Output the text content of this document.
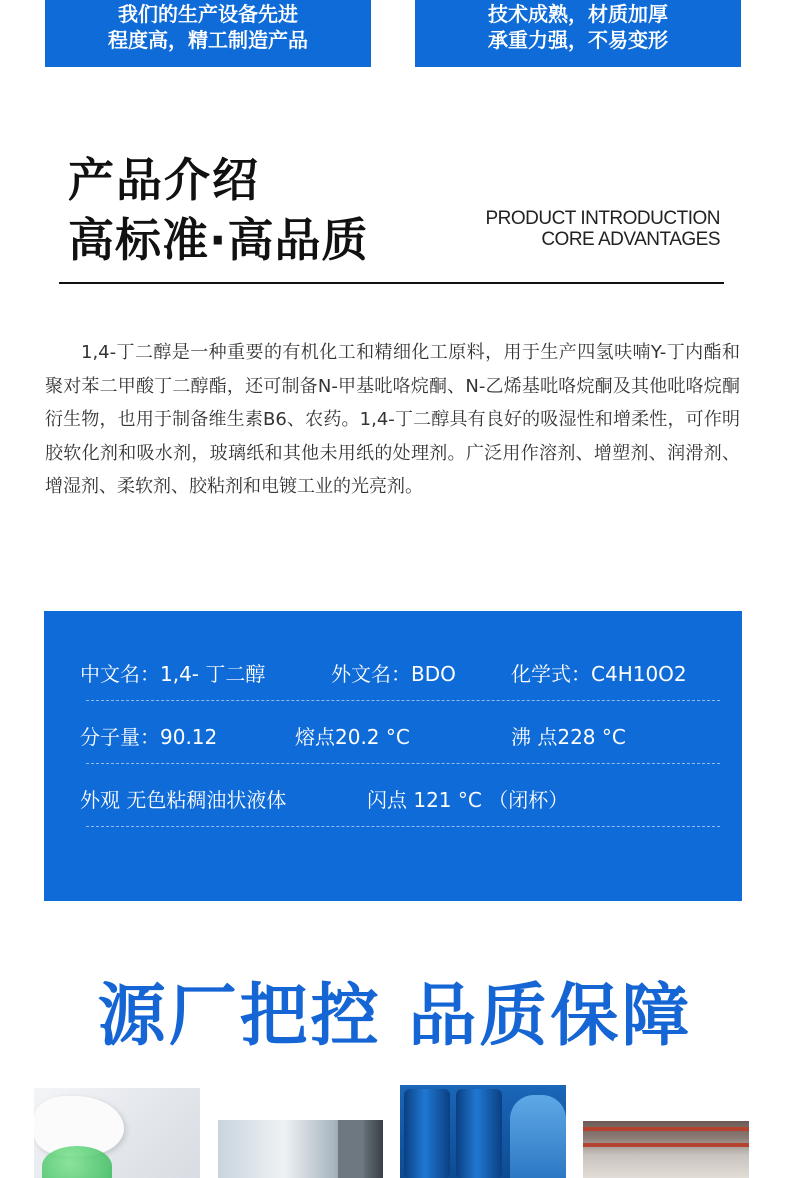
我们的生产设备先进
程度高，精工制造产品
技术成熟，材质加厚
承重力强，不易变形
产品介绍
高标准·高品质	PRODUCT INTRODUCTION
CORE ADVANTAGES

1,4-丁二醇是一种重要的有机化工和精细化工原料，用于生产四氢呋喃Y-丁内酯和聚对苯二甲酸丁二醇酯，还可制备N-甲基吡咯烷酮、N-乙烯基吡咯烷酮及其他吡咯烷酮衍生物，也用于制备维生素B6、农药。1,4-丁二醇具有良好的吸湿性和增柔性，可作明胶软化剂和吸水剂，玻璃纸和其他未用纸的处理剂。广泛用作溶剂、增塑剂、润滑剂、增湿剂、柔软剂、胶粘剂和电镀工业的光亮剂。

中文名：1,4- 丁二醇	外文名：BDO	化学式：C4H10O2
分子量：90.12	熔点20.2 °C	沸 点228 °C
外观 无色粘稠油状液体	闪点 121 °C （闭杯）
源厂把控 品质保障
